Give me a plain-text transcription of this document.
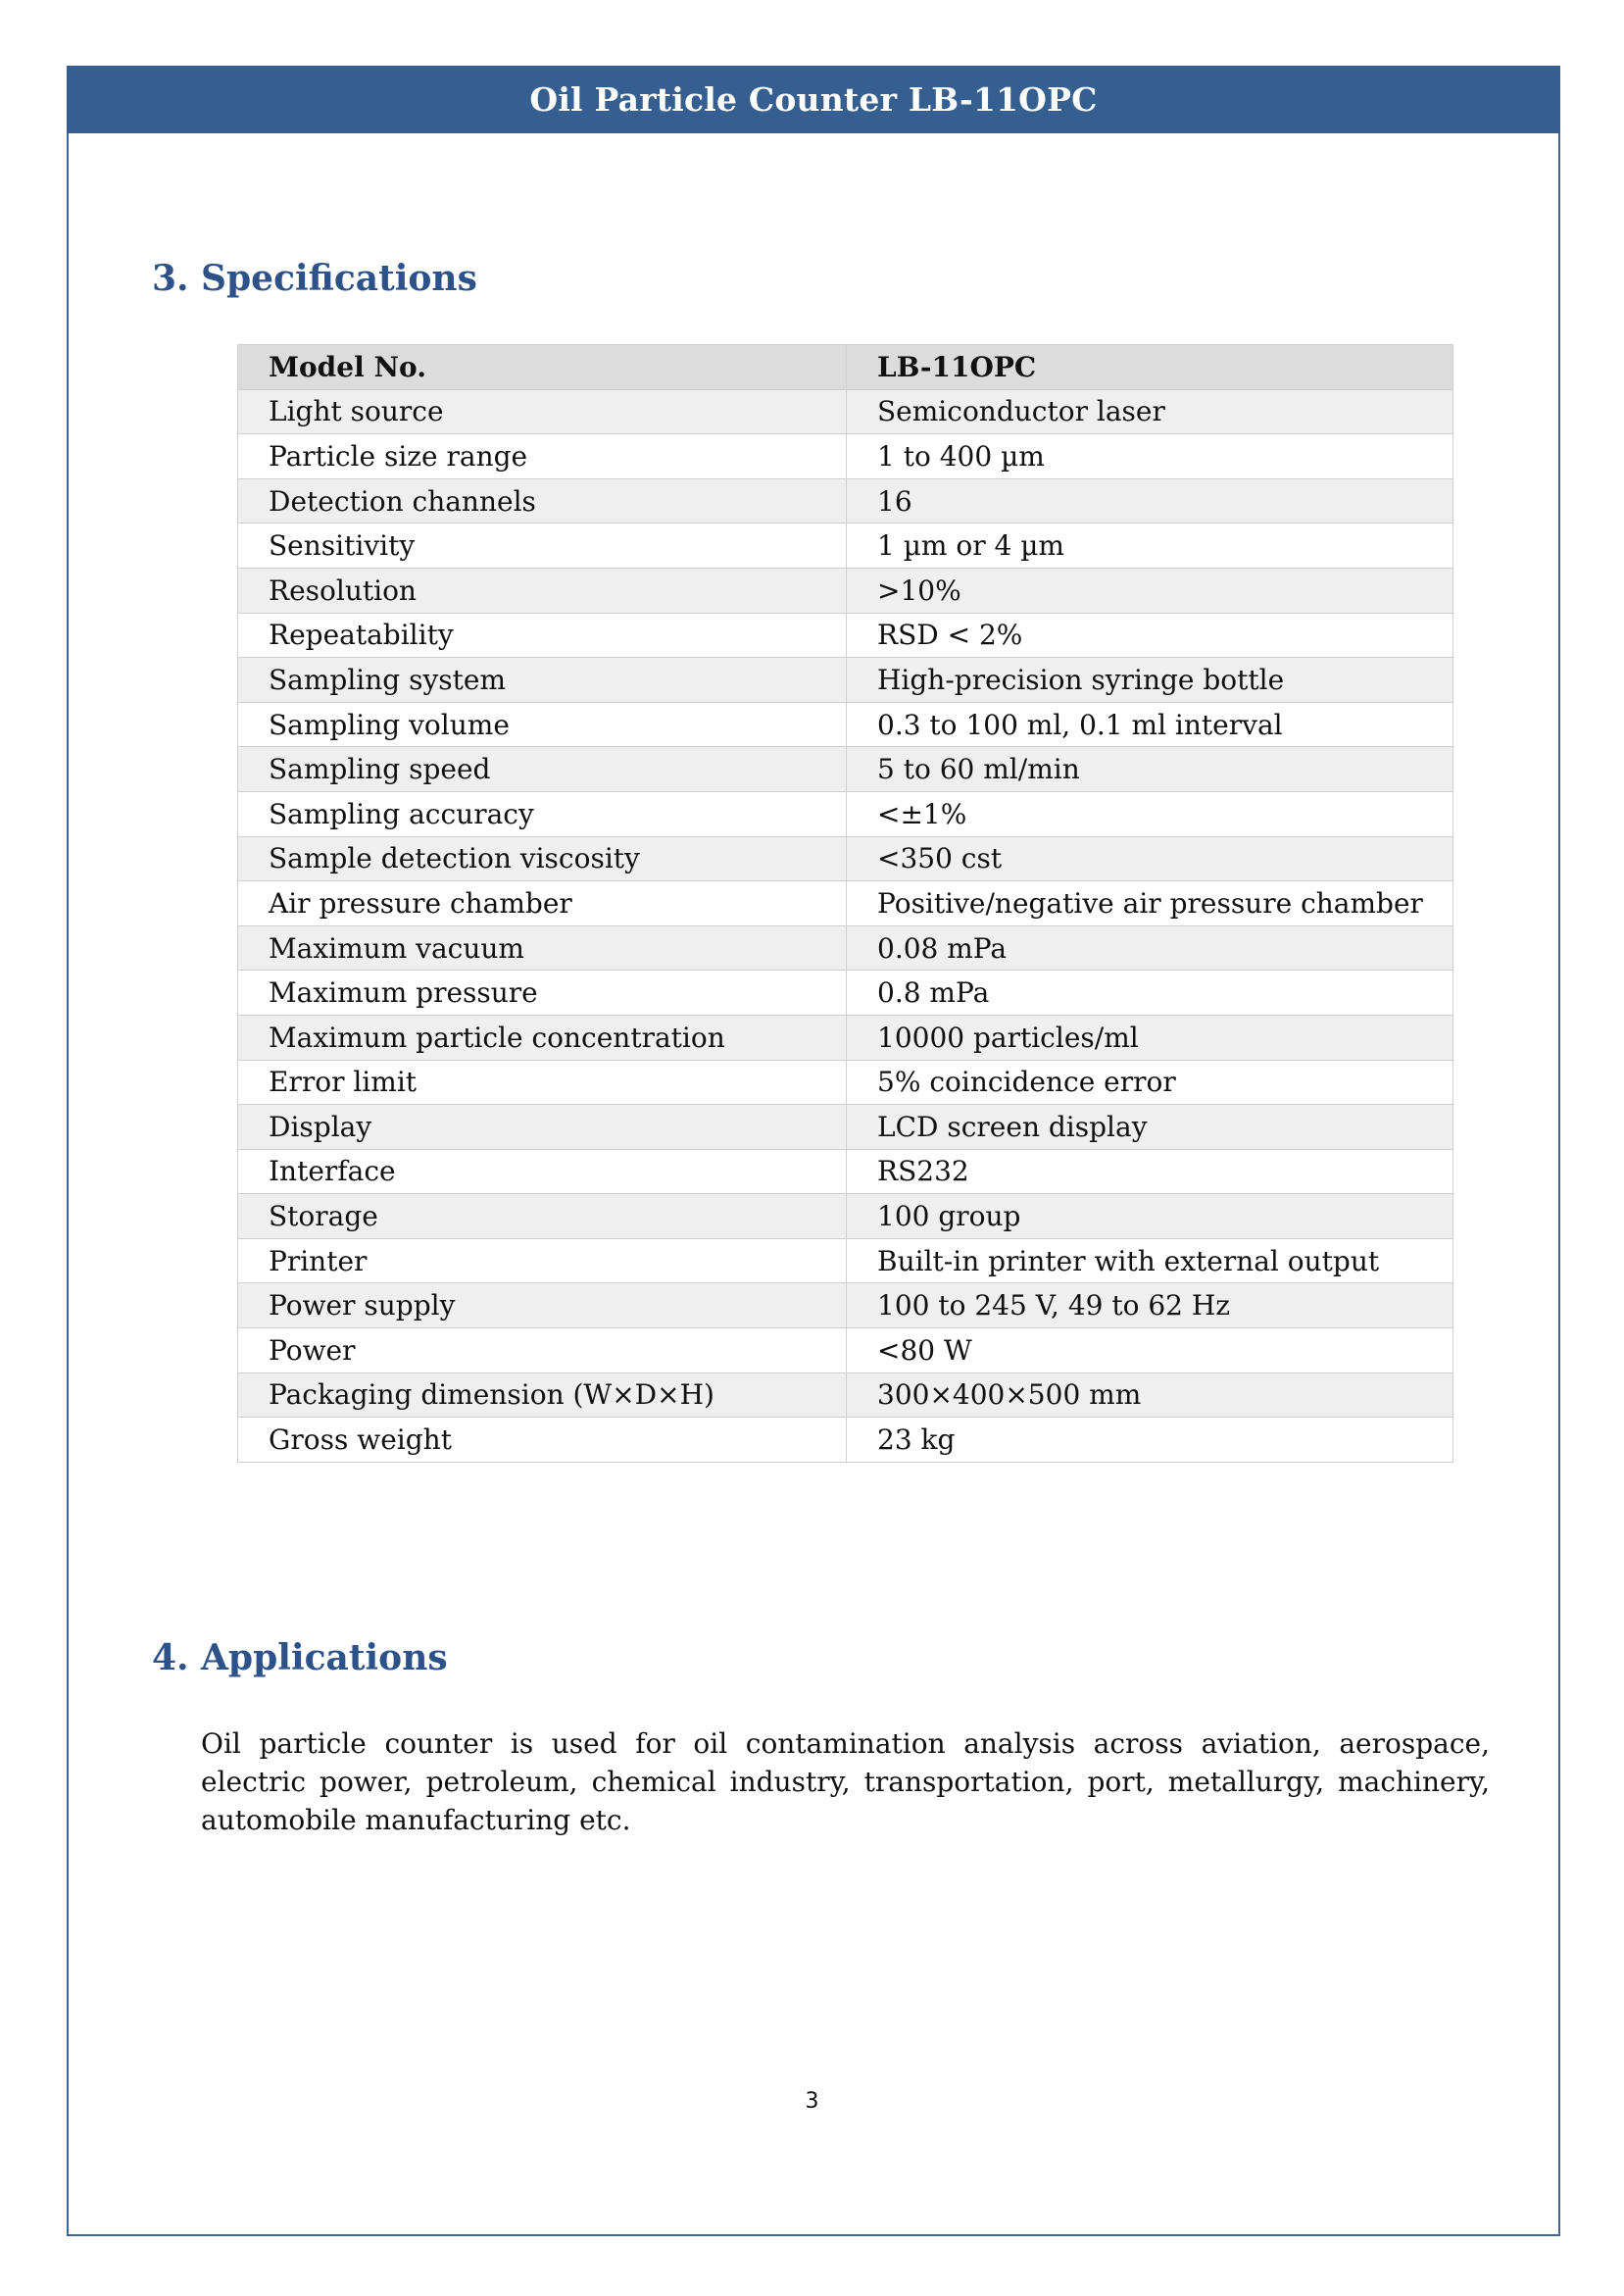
Oil Particle Counter LB-11OPC
3. Specifications
Model No.	LB-11OPC
Light source	Semiconductor laser
Particle size range	1 to 400 µm
Detection channels	16
Sensitivity	1 µm or 4 µm
Resolution	>10%
Repeatability	RSD < 2%
Sampling system	High-precision syringe bottle
Sampling volume	0.3 to 100 ml, 0.1 ml interval
Sampling speed	5 to 60 ml/min
Sampling accuracy	<±1%
Sample detection viscosity	<350 cst
Air pressure chamber	Positive/negative air pressure chamber
Maximum vacuum	0.08 mPa
Maximum pressure	0.8 mPa
Maximum particle concentration	10000 particles/ml
Error limit	5% coincidence error
Display	LCD screen display
Interface	RS232
Storage	100 group
Printer	Built-in printer with external output
Power supply	100 to 245 V, 49 to 62 Hz
Power	<80 W
Packaging dimension (W×D×H)	300×400×500 mm
Gross weight	23 kg
4. Applications

Oil particle counter is used for oil contamination analysis across aviation, aerospace, electric power, petroleum, chemical industry, transportation, port, metallurgy, machinery, automobile manufacturing etc.

3
